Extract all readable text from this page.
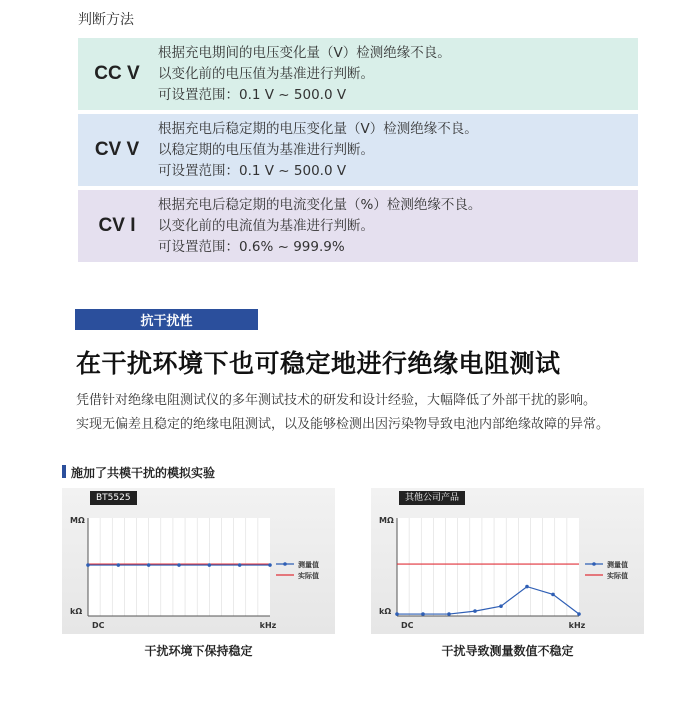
判断方法
CC V
根据充电期间的电压变化量（V）检测绝缘不良。
以变化前的电压值为基准进行判断。
可设置范围：0.1 V ~ 500.0 V
CV V
根据充电后稳定期的电压变化量（V）检测绝缘不良。
以稳定期的电压值为基准进行判断。
可设置范围：0.1 V ~ 500.0 V
CV I
根据充电后稳定期的电流变化量（%）检测绝缘不良。
以变化前的电流值为基准进行判断。
可设置范围：0.6% ~ 999.9%
抗干扰性
在干扰环境下也可稳定地进行绝缘电阻测试
凭借针对绝缘电阻测试仪的多年测试技术的研发和设计经验，大幅降低了外部干扰的影响。
实现无偏差且稳定的绝缘电阻测试，以及能够检测出因污染物导致电池内部绝缘故障的异常。
施加了共模干扰的模拟实验
MΩ
kΩ
DC	kHz
测量值
实际值
BT5525
MΩ
kΩ
DC	kHz
测量值
实际值
其他公司产品
干扰环境下保持稳定	干扰导致测量数值不稳定
